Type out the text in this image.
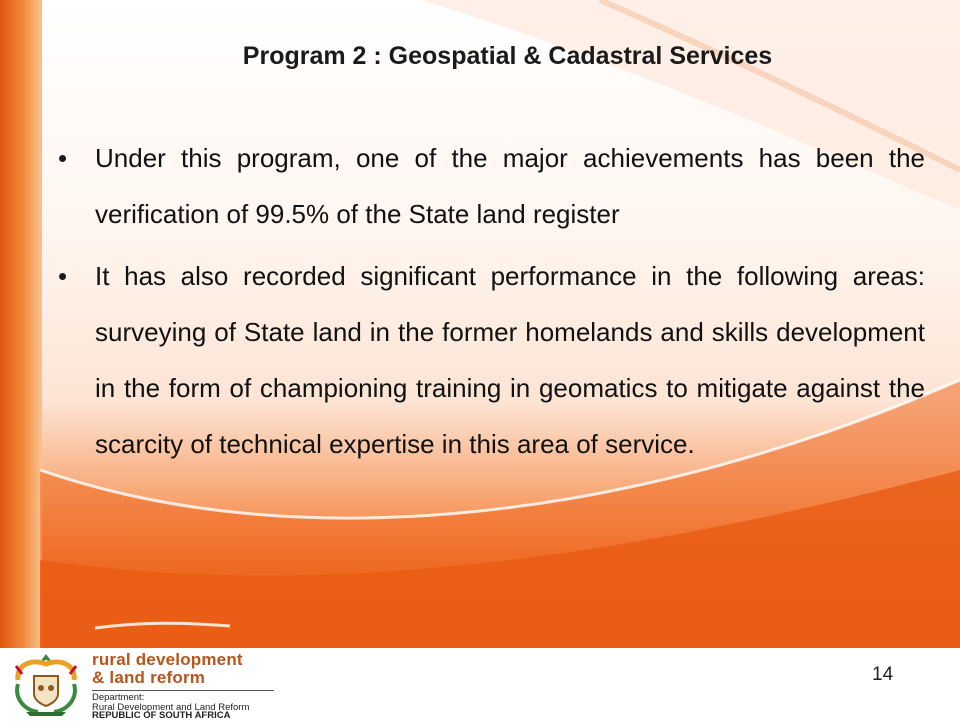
Program 2 : Geospatial & Cadastral Services
• Under this program, one of the major achievements has been the verification of 99.5% of the State land register
• It has also recorded significant performance in the following areas: surveying of State land in the former homelands and skills development in the form of championing training in geomatics to mitigate against the scarcity of technical expertise in this area of service.
rural development
& land reform
Department:
Rural Development and Land Reform
REPUBLIC OF SOUTH AFRICA
14
